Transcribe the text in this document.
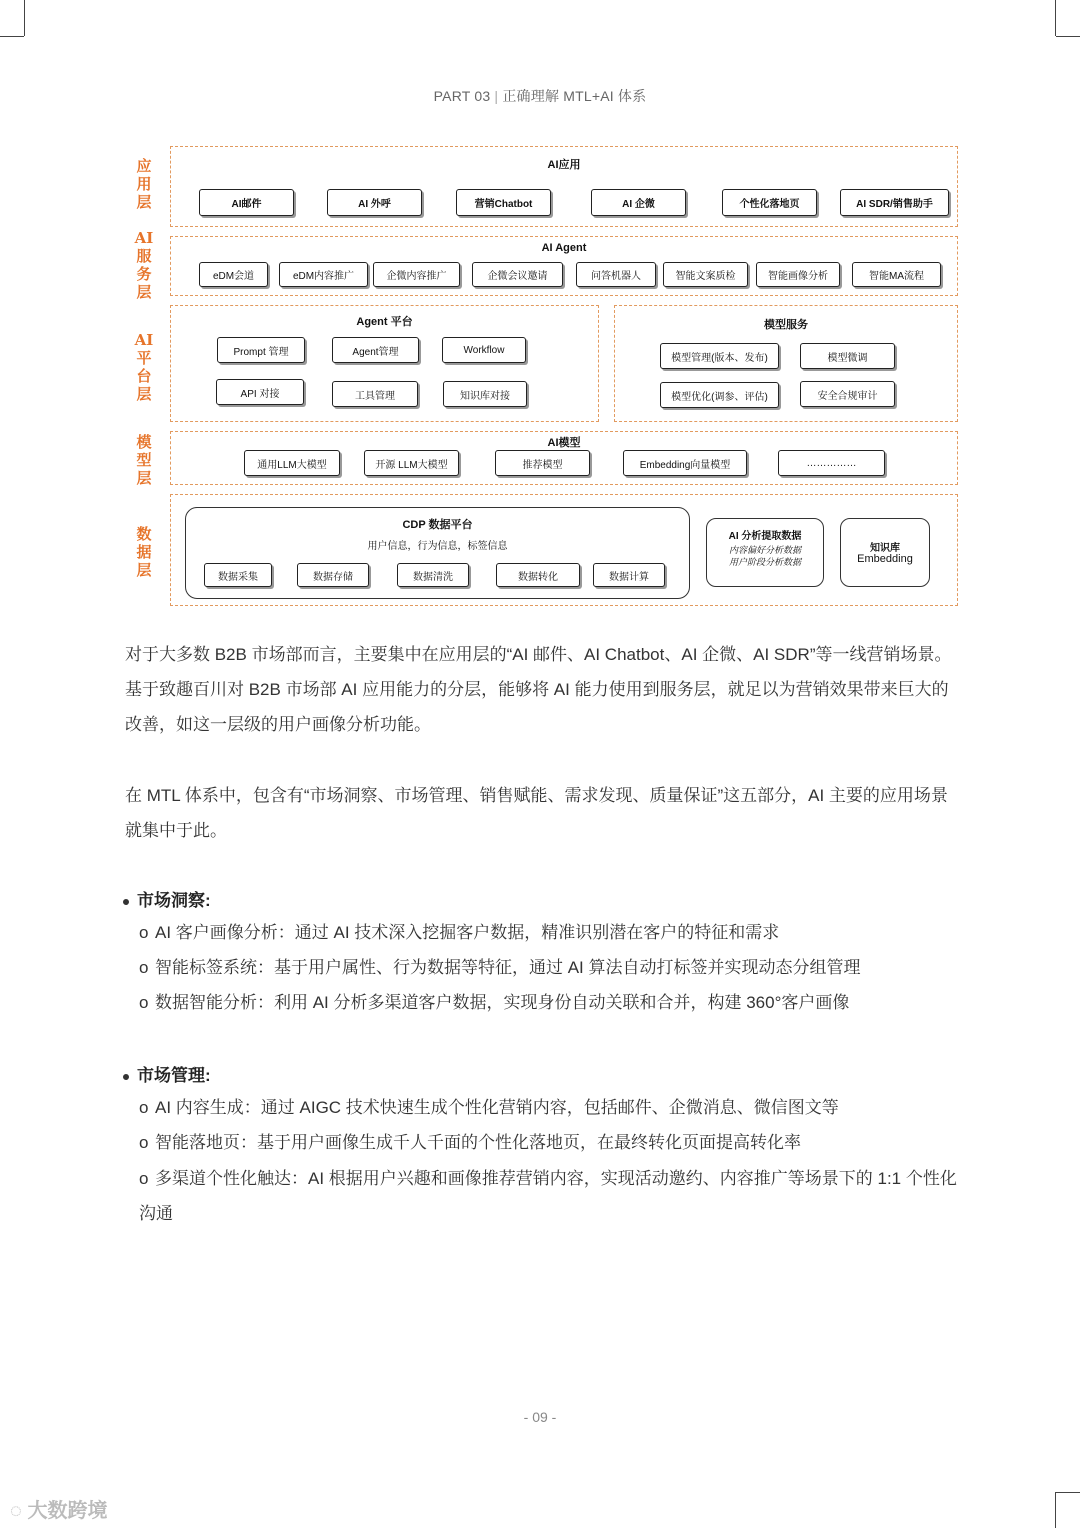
PART 03 | 正确理解 MTL+AI 体系
应
用
层
AI
服
务
层
AI
平
台
层
模
型
层
数
据
层
AI应用
AI邮件	AI 外呼	营销Chatbot	AI 企微	个性化落地页	AI SDR/销售助手
AI Agent
eDM会道	eDM内容推广	企微内容推广	企微会议邀请	问答机器人	智能文案质检	智能画像分析	智能MA流程
Agent 平台
Prompt 管理	Agent管理	Workflow
API 对接	工具管理	知识库对接
模型服务
模型管理(版本、发布)	模型微调
模型优化(调参、评估)	安全合规审计
AI模型
通用LLM大模型	开源 LLM大模型	推荐模型	Embedding向量模型	……………
CDP 数据平台
用户信息，行为信息，标签信息
数据采集	数据存储	数据清洗	数据转化	数据计算
AI 分析提取数据
内容偏好分析数据
用户阶段分析数据
知识库
Embedding
对于大多数 B2B 市场部而言，主要集中在应用层的“AI 邮件、AI Chatbot、AI 企微、AI SDR”等一线营销场景。基于致趣百川对 B2B 市场部 AI 应用能力的分层，能够将 AI 能力使用到服务层，就足以为营销效果带来巨大的改善，如这一层级的用户画像分析功能。
在 MTL 体系中，包含有“市场洞察、市场管理、销售赋能、需求发现、质量保证”这五部分，AI 主要的应用场景就集中于此。
市场洞察:
o AI 客户画像分析：通过 AI 技术深入挖掘客户数据，精准识别潜在客户的特征和需求
o 智能标签系统：基于用户属性、行为数据等特征，通过 AI 算法自动打标签并实现动态分组管理
o 数据智能分析：利用 AI 分析多渠道客户数据，实现身份自动关联和合并，构建 360°客户画像
市场管理:
o AI 内容生成：通过 AIGC 技术快速生成个性化营销内容，包括邮件、企微消息、微信图文等
o 智能落地页：基于用户画像生成千人千面的个性化落地页，在最终转化页面提高转化率
o 多渠道个性化触达：AI 根据用户兴趣和画像推荐营销内容，实现活动邀约、内容推广等场景下的 1:1 个性化沟通
- 09 -
◌ 大数跨境
